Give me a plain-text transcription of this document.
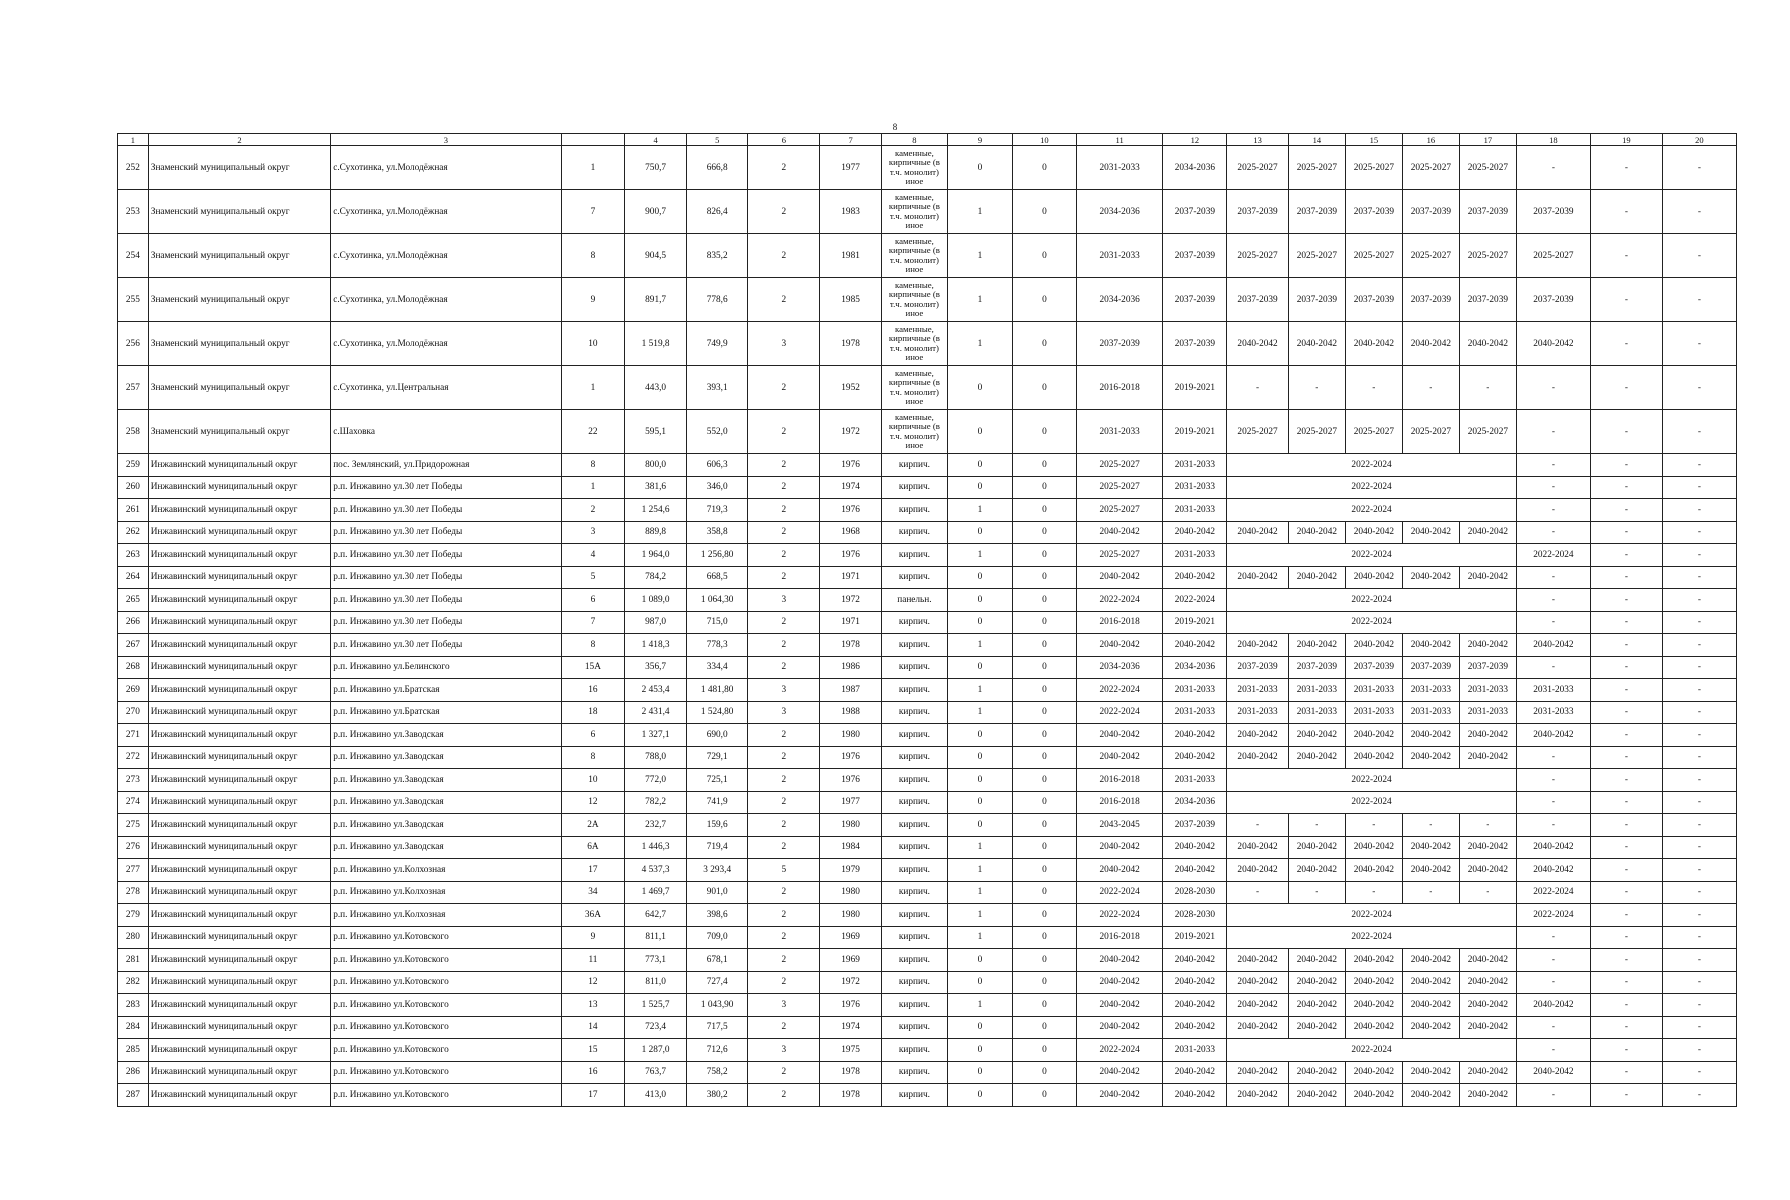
8
1	2	3		4	5	6	7	8	9	10	11	12	13	14	15	16	17	18	19	20
252	Знаменский муниципальный округ	с.Сухотинка, ул.Молодёжная	1	750,7	666,8	2	1977	каменные, кирпичные (в т.ч. монолит) иное	0	0	2031-2033	2034-2036	2025-2027	2025-2027	2025-2027	2025-2027	2025-2027	-	-	-
253	Знаменский муниципальный округ	с.Сухотинка, ул.Молодёжная	7	900,7	826,4	2	1983	каменные, кирпичные (в т.ч. монолит) иное	1	0	2034-2036	2037-2039	2037-2039	2037-2039	2037-2039	2037-2039	2037-2039	2037-2039	-	-
254	Знаменский муниципальный округ	с.Сухотинка, ул.Молодёжная	8	904,5	835,2	2	1981	каменные, кирпичные (в т.ч. монолит) иное	1	0	2031-2033	2037-2039	2025-2027	2025-2027	2025-2027	2025-2027	2025-2027	2025-2027	-	-
255	Знаменский муниципальный округ	с.Сухотинка, ул.Молодёжная	9	891,7	778,6	2	1985	каменные, кирпичные (в т.ч. монолит) иное	1	0	2034-2036	2037-2039	2037-2039	2037-2039	2037-2039	2037-2039	2037-2039	2037-2039	-	-
256	Знаменский муниципальный округ	с.Сухотинка, ул.Молодёжная	10	1 519,8	749,9	3	1978	каменные, кирпичные (в т.ч. монолит) иное	1	0	2037-2039	2037-2039	2040-2042	2040-2042	2040-2042	2040-2042	2040-2042	2040-2042	-	-
257	Знаменский муниципальный округ	с.Сухотинка, ул.Центральная	1	443,0	393,1	2	1952	каменные, кирпичные (в т.ч. монолит) иное	0	0	2016-2018	2019-2021	-	-	-	-	-	-	-	-
258	Знаменский муниципальный округ	с.Шаховка	22	595,1	552,0	2	1972	каменные, кирпичные (в т.ч. монолит) иное	0	0	2031-2033	2019-2021	2025-2027	2025-2027	2025-2027	2025-2027	2025-2027	-	-	-
259	Инжавинский муниципальный округ	пос. Землянский, ул.Придорожная	8	800,0	606,3	2	1976	кирпич.	0	0	2025-2027	2031-2033	2022-2024					-	-	-
260	Инжавинский муниципальный округ	р.п. Инжавино ул.30 лет Победы	1	381,6	346,0	2	1974	кирпич.	0	0	2025-2027	2031-2033	2022-2024					-	-	-
261	Инжавинский муниципальный округ	р.п. Инжавино ул.30 лет Победы	2	1 254,6	719,3	2	1976	кирпич.	1	0	2025-2027	2031-2033	2022-2024					-	-	-
262	Инжавинский муниципальный округ	р.п. Инжавино ул.30 лет Победы	3	889,8	358,8	2	1968	кирпич.	0	0	2040-2042	2040-2042	2040-2042	2040-2042	2040-2042	2040-2042	2040-2042	-	-	-
263	Инжавинский муниципальный округ	р.п. Инжавино ул.30 лет Победы	4	1 964,0	1 256,80	2	1976	кирпич.	1	0	2025-2027	2031-2033	2022-2024					2022-2024	-	-
264	Инжавинский муниципальный округ	р.п. Инжавино ул.30 лет Победы	5	784,2	668,5	2	1971	кирпич.	0	0	2040-2042	2040-2042	2040-2042	2040-2042	2040-2042	2040-2042	2040-2042	-	-	-
265	Инжавинский муниципальный округ	р.п. Инжавино ул.30 лет Победы	6	1 089,0	1 064,30	3	1972	панельн.	0	0	2022-2024	2022-2024	2022-2024					-	-	-
266	Инжавинский муниципальный округ	р.п. Инжавино ул.30 лет Победы	7	987,0	715,0	2	1971	кирпич.	0	0	2016-2018	2019-2021	2022-2024					-	-	-
267	Инжавинский муниципальный округ	р.п. Инжавино ул.30 лет Победы	8	1 418,3	778,3	2	1978	кирпич.	1	0	2040-2042	2040-2042	2040-2042	2040-2042	2040-2042	2040-2042	2040-2042	2040-2042	-	-
268	Инжавинский муниципальный округ	р.п. Инжавино ул.Белинского	15А	356,7	334,4	2	1986	кирпич.	0	0	2034-2036	2034-2036	2037-2039	2037-2039	2037-2039	2037-2039	2037-2039	-	-	-
269	Инжавинский муниципальный округ	р.п. Инжавино ул.Братская	16	2 453,4	1 481,80	3	1987	кирпич.	1	0	2022-2024	2031-2033	2031-2033	2031-2033	2031-2033	2031-2033	2031-2033	2031-2033	-	-
270	Инжавинский муниципальный округ	р.п. Инжавино ул.Братская	18	2 431,4	1 524,80	3	1988	кирпич.	1	0	2022-2024	2031-2033	2031-2033	2031-2033	2031-2033	2031-2033	2031-2033	2031-2033	-	-
271	Инжавинский муниципальный округ	р.п. Инжавино ул.Заводская	6	1 327,1	690,0	2	1980	кирпич.	0	0	2040-2042	2040-2042	2040-2042	2040-2042	2040-2042	2040-2042	2040-2042	2040-2042	-	-
272	Инжавинский муниципальный округ	р.п. Инжавино ул.Заводская	8	788,0	729,1	2	1976	кирпич.	0	0	2040-2042	2040-2042	2040-2042	2040-2042	2040-2042	2040-2042	2040-2042	-	-	-
273	Инжавинский муниципальный округ	р.п. Инжавино ул.Заводская	10	772,0	725,1	2	1976	кирпич.	0	0	2016-2018	2031-2033	2022-2024					-	-	-
274	Инжавинский муниципальный округ	р.п. Инжавино ул.Заводская	12	782,2	741,9	2	1977	кирпич.	0	0	2016-2018	2034-2036	2022-2024					-	-	-
275	Инжавинский муниципальный округ	р.п. Инжавино ул.Заводская	2А	232,7	159,6	2	1980	кирпич.	0	0	2043-2045	2037-2039	-	-	-	-	-	-	-	-
276	Инжавинский муниципальный округ	р.п. Инжавино ул.Заводская	6А	1 446,3	719,4	2	1984	кирпич.	1	0	2040-2042	2040-2042	2040-2042	2040-2042	2040-2042	2040-2042	2040-2042	2040-2042	-	-
277	Инжавинский муниципальный округ	р.п. Инжавино ул.Колхозная	17	4 537,3	3 293,4	5	1979	кирпич.	1	0	2040-2042	2040-2042	2040-2042	2040-2042	2040-2042	2040-2042	2040-2042	2040-2042	-	-
278	Инжавинский муниципальный округ	р.п. Инжавино ул.Колхозная	34	1 469,7	901,0	2	1980	кирпич.	1	0	2022-2024	2028-2030	-	-	-	-	-	2022-2024	-	-
279	Инжавинский муниципальный округ	р.п. Инжавино ул.Колхозная	36А	642,7	398,6	2	1980	кирпич.	1	0	2022-2024	2028-2030	2022-2024					2022-2024	-	-
280	Инжавинский муниципальный округ	р.п. Инжавино ул.Котовского	9	811,1	709,0	2	1969	кирпич.	1	0	2016-2018	2019-2021	2022-2024					-	-	-
281	Инжавинский муниципальный округ	р.п. Инжавино ул.Котовского	11	773,1	678,1	2	1969	кирпич.	0	0	2040-2042	2040-2042	2040-2042	2040-2042	2040-2042	2040-2042	2040-2042	-	-	-
282	Инжавинский муниципальный округ	р.п. Инжавино ул.Котовского	12	811,0	727,4	2	1972	кирпич.	0	0	2040-2042	2040-2042	2040-2042	2040-2042	2040-2042	2040-2042	2040-2042	-	-	-
283	Инжавинский муниципальный округ	р.п. Инжавино ул.Котовского	13	1 525,7	1 043,90	3	1976	кирпич.	1	0	2040-2042	2040-2042	2040-2042	2040-2042	2040-2042	2040-2042	2040-2042	2040-2042	-	-
284	Инжавинский муниципальный округ	р.п. Инжавино ул.Котовского	14	723,4	717,5	2	1974	кирпич.	0	0	2040-2042	2040-2042	2040-2042	2040-2042	2040-2042	2040-2042	2040-2042	-	-	-
285	Инжавинский муниципальный округ	р.п. Инжавино ул.Котовского	15	1 287,0	712,6	3	1975	кирпич.	0	0	2022-2024	2031-2033	2022-2024					-	-	-
286	Инжавинский муниципальный округ	р.п. Инжавино ул.Котовского	16	763,7	758,2	2	1978	кирпич.	0	0	2040-2042	2040-2042	2040-2042	2040-2042	2040-2042	2040-2042	2040-2042	2040-2042	-	-
287	Инжавинский муниципальный округ	р.п. Инжавино ул.Котовского	17	413,0	380,2	2	1978	кирпич.	0	0	2040-2042	2040-2042	2040-2042	2040-2042	2040-2042	2040-2042	2040-2042	-	-	-
